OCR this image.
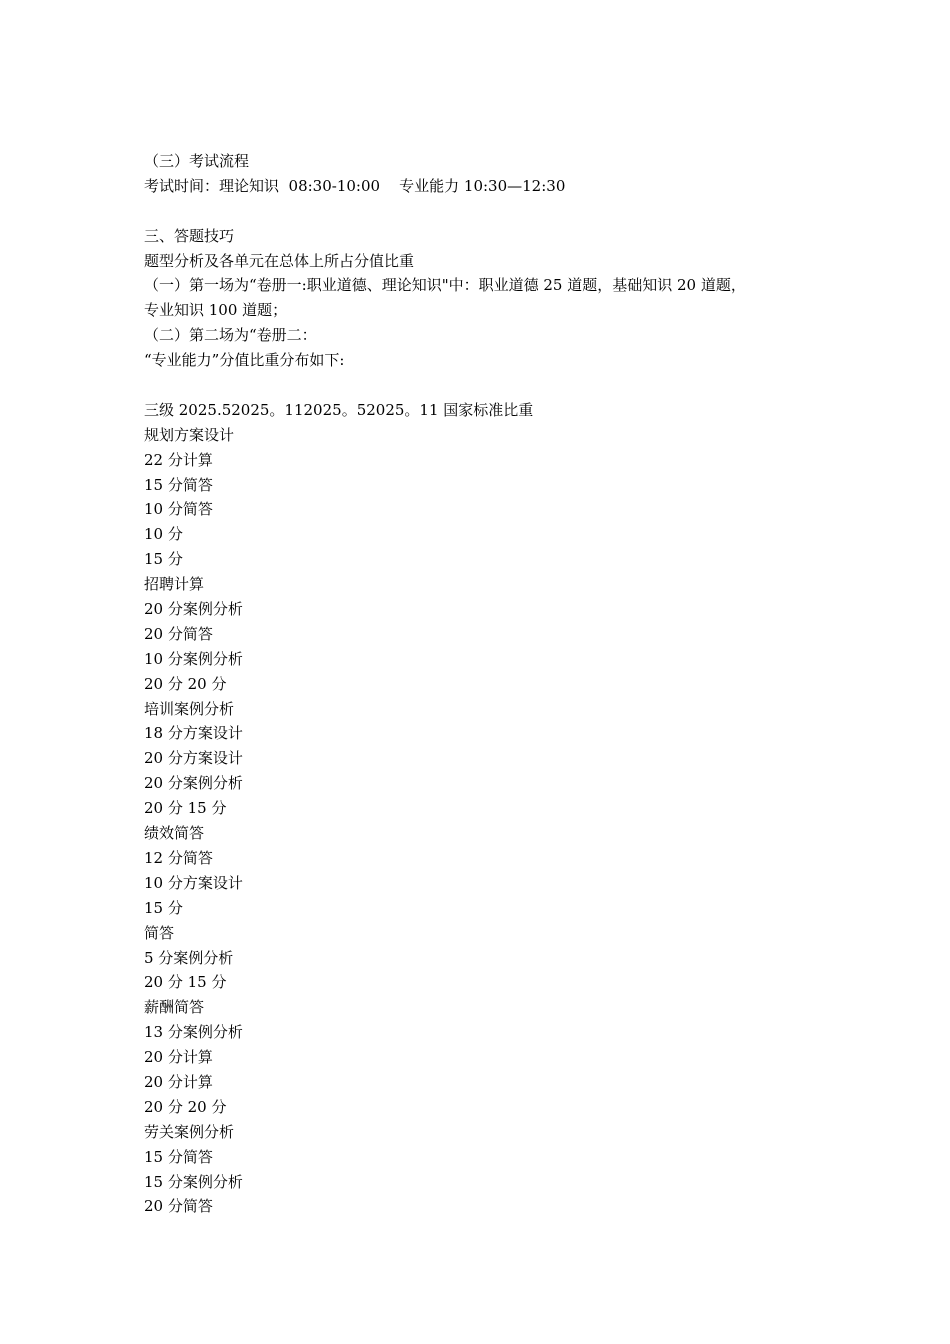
（三）考试流程
考试时间：理论知识  08:30-10:00    专业能力 10:30—12:30
三、答题技巧
题型分析及各单元在总体上所占分值比重
（一）第一场为“卷册一:职业道德、理论知识"中：职业道德 25 道题，基础知识 20 道题，
专业知识 100 道题；
（二）第二场为“卷册二：
“专业能力”分值比重分布如下:
三级 2025.52025。112025。52025。11 国家标准比重
规划方案设计
22 分计算
15 分简答
10 分简答
10 分
15 分
招聘计算
20 分案例分析
20 分简答
10 分案例分析
20 分 20 分
培训案例分析
18 分方案设计
20 分方案设计
20 分案例分析
20 分 15 分
绩效简答
12 分简答
10 分方案设计
15 分
简答
5 分案例分析
20 分 15 分
薪酬简答
13 分案例分析
20 分计算
20 分计算
20 分 20 分
劳关案例分析
15 分简答
15 分案例分析
20 分简答
